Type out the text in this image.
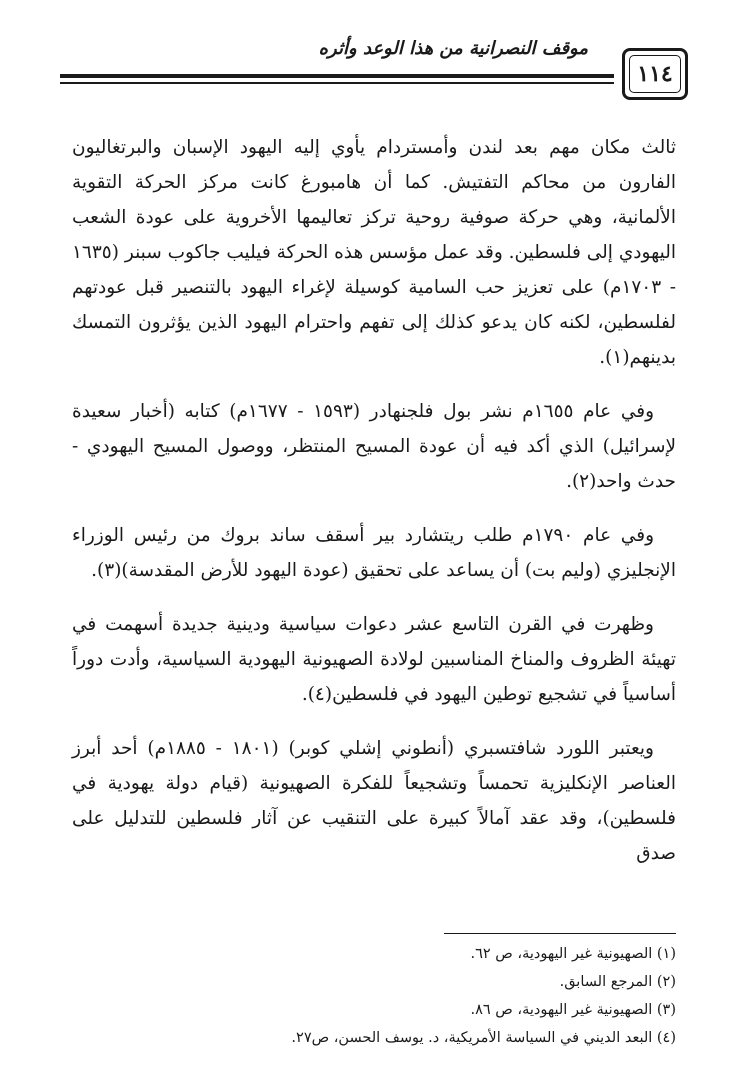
موقف النصرانية من هذا الوعد وأثره
١١٤

ثالث مكان مهم بعد لندن وأمستردام يأوي إليه اليهود الإسبان والبرتغاليون الفارون من محاكم التفتيش. كما أن هامبورغ كانت مركز الحركة التقوية الألمانية، وهي حركة صوفية روحية تركز تعاليمها الأخروية على عودة الشعب اليهودي إلى فلسطين. وقد عمل مؤسس هذه الحركة فيليب جاكوب سبنر (١٦٣٥ - ١٧٠٣م) على تعزيز حب السامية كوسيلة لإغراء اليهود بالتنصير قبل عودتهم لفلسطين، لكنه كان يدعو كذلك إلى تفهم واحترام اليهود الذين يؤثرون التمسك بدينهم(١).

وفي عام ١٦٥٥م نشر بول فلجنهادر (١٥٩٣ - ١٦٧٧م) كتابه (أخبار سعيدة لإسرائيل) الذي أكد فيه أن عودة المسيح المنتظر، ووصول المسيح اليهودي - حدث واحد(٢).

وفي عام ١٧٩٠م طلب ريتشارد بير أسقف ساند بروك من رئيس الوزراء الإنجليزي (وليم بت) أن يساعد على تحقيق (عودة اليهود للأرض المقدسة)(٣).

وظهرت في القرن التاسع عشر دعوات سياسية ودينية جديدة أسهمت في تهيئة الظروف والمناخ المناسبين لولادة الصهيونية اليهودية السياسية، وأدت دوراً أساسياً في تشجيع توطين اليهود في فلسطين(٤).

ويعتبر اللورد شافتسبري (أنطوني إشلي كوبر) (١٨٠١ - ١٨٨٥م) أحد أبرز العناصر الإنكليزية تحمساً وتشجيعاً للفكرة الصهيونية (قيام دولة يهودية في فلسطين)، وقد عقد آمالاً كبيرة على التنقيب عن آثار فلسطين للتدليل على صدق

(١) الصهيونية غير اليهودية، ص ٦٢.
(٢) المرجع السابق.
(٣) الصهيونية غير اليهودية، ص ٨٦.
(٤) البعد الديني في السياسة الأمريكية، د. يوسف الحسن، ص٢٧.
